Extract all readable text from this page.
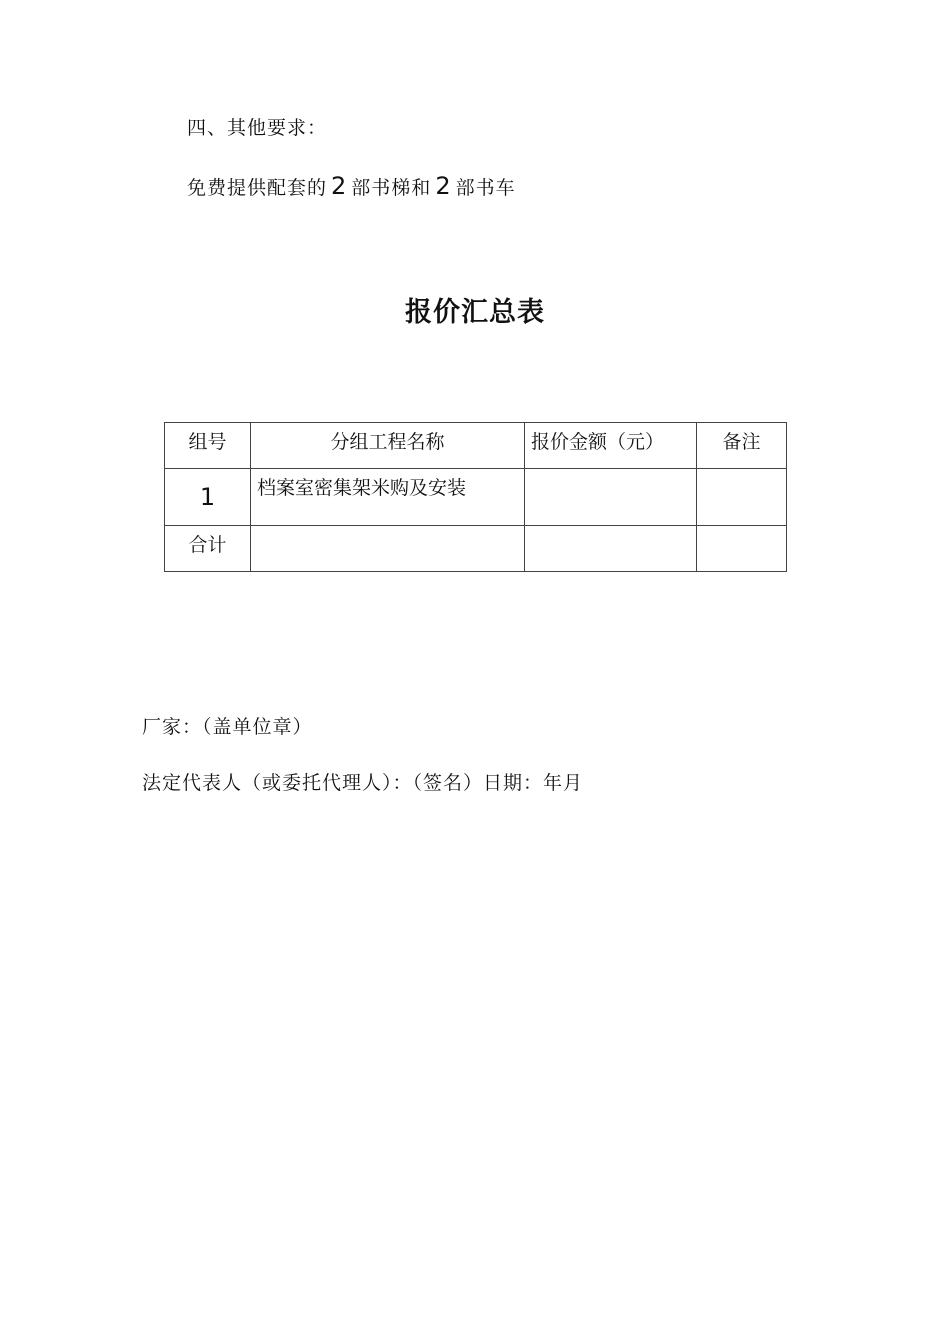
四、其他要求：
免费提供配套的 2 部书梯和 2 部书车
报价汇总表
组号	分组工程名称	报价金额（元）	备注
1	档案室密集架米购及安装		
合计			
厂家：（盖单位章）
法定代表人（或委托代理人）：（签名）日期：年月
